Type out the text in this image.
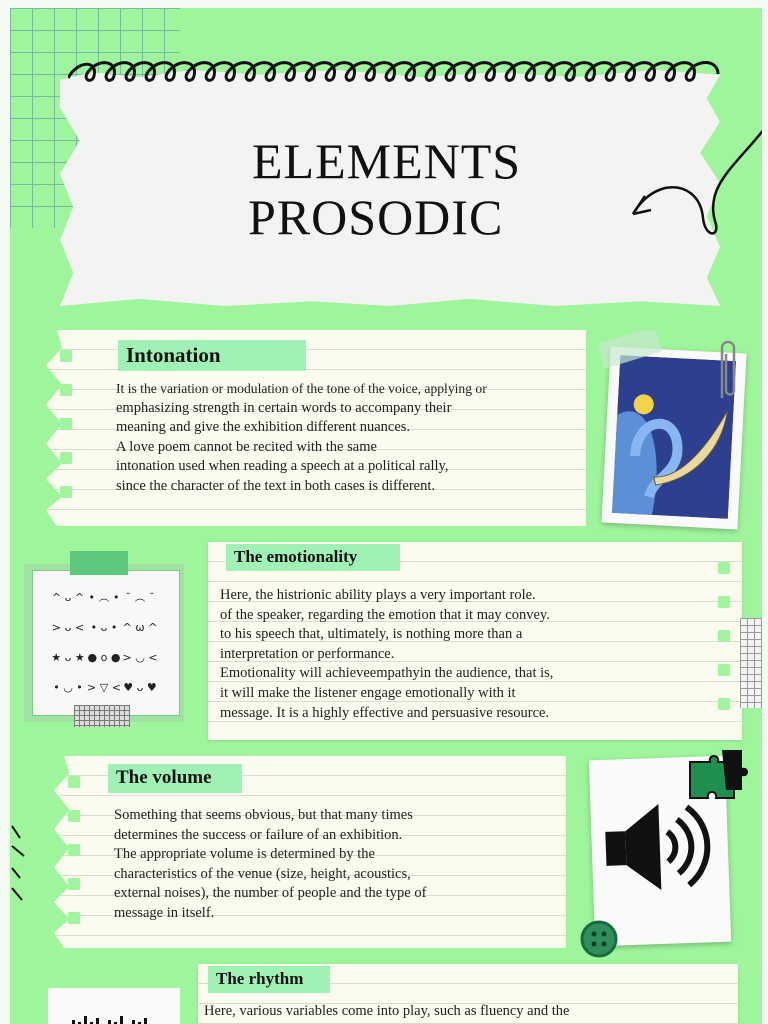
ELEMENTS
PROSODIC
Intonation
It is the variation or modulation of the tone of the voice, applying or
emphasizing strength in certain words to accompany their
meaning and give the exhibition different nuances.
A love poem cannot be recited with the same
intonation used when reading a speech at a political rally,
since the character of the text in both cases is different.
^ ᴗ ^ • ︵ • ˘ ︵ ˘
> ᴗ < • ᴗ • ^ ω ^
★ ᴗ ★ ● o ● > ◡ <
• ◡ • > ▽ < ♥ ᴗ ♥
The emotionality
Here, the histrionic ability plays a very important role.
of the speaker, regarding the emotion that it may convey.
to his speech that, ultimately, is nothing more than a
interpretation or performance.
Emotionality will achieveempathyin the audience, that is,
it will make the listener engage emotionally with it
message. It is a highly effective and persuasive resource.
The volume
Something that seems obvious, but that many times
determines the success or failure of an exhibition.
The appropriate volume is determined by the
characteristics of the venue (size, height, acoustics,
external noises), the number of people and the type of
message in itself.
The rhythm
Here, various variables come into play, such as fluency and the
